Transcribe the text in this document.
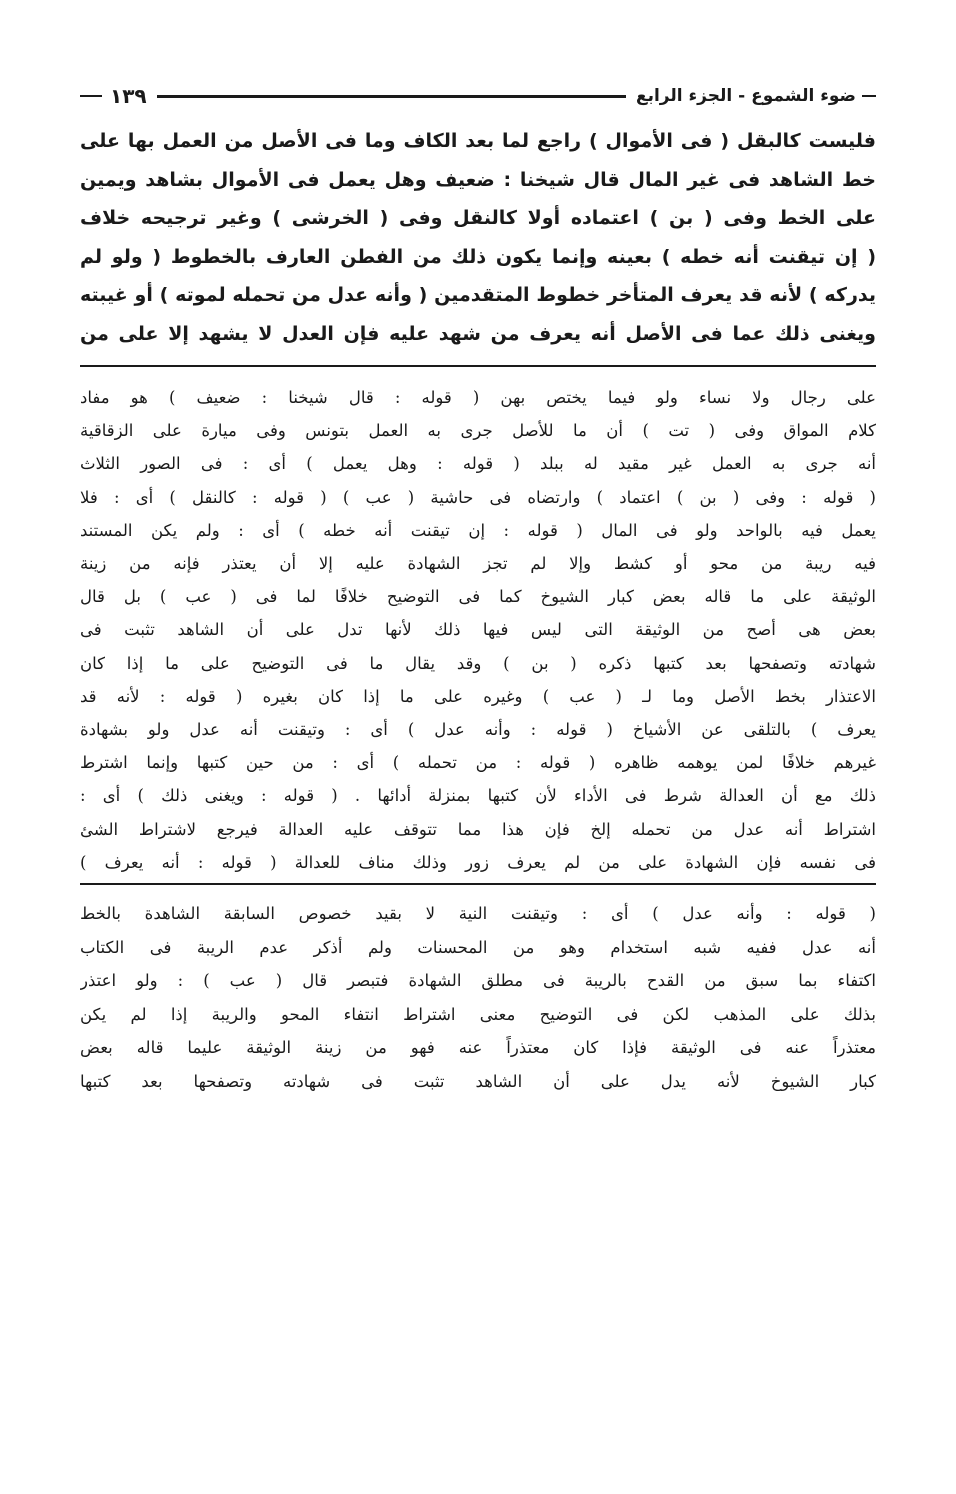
ضوء الشموع - الجزء الرابع
١٣٩
فليست كالبقل ( فى الأموال ) راجع لما بعد الكاف وما فى الأصل من العمل بها على
خط الشاهد فى غير المال قال شيخنا : ضعيف وهل يعمل فى الأموال بشاهد ويمين
على الخط وفى ( بن ) اعتماده أولا كالنقل وفى ( الخرشى ) وغير ترجيحه خلاف
( إن تيقنت أنه خطه ) بعينه وإنما يكون ذلك من الفطن العارف بالخطوط ( ولو لم
يدركه ) لأنه قد يعرف المتأخر خطوط المتقدمين ( وأنه عدل من تحمله لموته ) أو غيبته
ويغنى ذلك عما فى الأصل أنه يعرف من شهد عليه فإن العدل لا يشهد إلا على من
على رجال ولا نساء ولو فيما يختص بهن ( قوله : قال شيخنا : ضعيف ) هو مفاد
كلام المواق وفى ( تت ) أن ما للأصل جرى به العمل بتونس وفى ميارة على الزقاقية
أنه جرى به العمل غير مقيد له ببلد ( قوله : وهل يعمل ) أى : فى الصور الثلاث
( قوله : وفى ( بن ) اعتماد ) وارتضاه فى حاشية ( عب ) ( قوله : كالنقل ) أى : فلا
يعمل فيه بالواحد ولو فى المال ( قوله : إن تيقنت أنه خطه ) أى : ولم يكن المستند
فيه ريبة من محو أو كشط وإلا لم تجز الشهادة عليه إلا أن يعتذر فإنه من زينة
الوثيقة على ما قاله بعض كبار الشيوخ كما فى التوضيح خلافًا لما فى ( عب ) بل قال
بعض هى أصح من الوثيقة التى ليس فيها ذلك لأنها تدل على أن الشاهد تثبت فى
شهادته وتصفحها بعد كتبها ذكره ( بن ) وقد يقال ما فى التوضيح على ما إذا كان
الاعتذار بخط الأصل وما لـ ( عب ) وغيره على ما إذا كان بغيره ( قوله : لأنه قد
يعرف ) بالتلقى عن الأشياخ ( قوله : وأنه عدل ) أى : وتيقنت أنه عدل ولو بشهادة
غيرهم خلافًا لمن يوهمه ظاهره ( قوله : من تحمله ) أى : من حين كتبها وإنما اشترط
ذلك مع أن العدالة شرط فى الأداء لأن كتبها بمنزلة أدائها . ( قوله : ويغنى ذلك ) أى :
اشتراط أنه عدل من تحمله إلخ فإن هذا مما تتوقف عليه العدالة فيرجع لاشتراط الشئ
فى نفسه فإن الشهادة على من لم يعرف زور وذلك مناف للعدالة ( قوله : أنه يعرف )
( قوله : وأنه عدل ) أى : وتيقنت النية لا بقيد خصوص السابقة الشاهدة بالخط
أنه عدل ففيه شبه استخدام وهو من المحسنات ولم أذكر عدم الريبة فى الكتاب
اكتفاء بما سبق من القدح بالريبة فى مطلق الشهادة فتبصر قال ( عب ) : ولو اعتذر
بذلك على المذهب لكن فى التوضيح معنى اشتراط انتفاء المحو والريبة إذا لم يكن
معتذراً عنه فى الوثيقة فإذا كان معتذراً عنه فهو من زينة الوثيقة عليما قاله بعض
كبار الشيوخ لأنه يدل على أن الشاهد تثبت فى شهادته وتصفحها بعد كتبها
